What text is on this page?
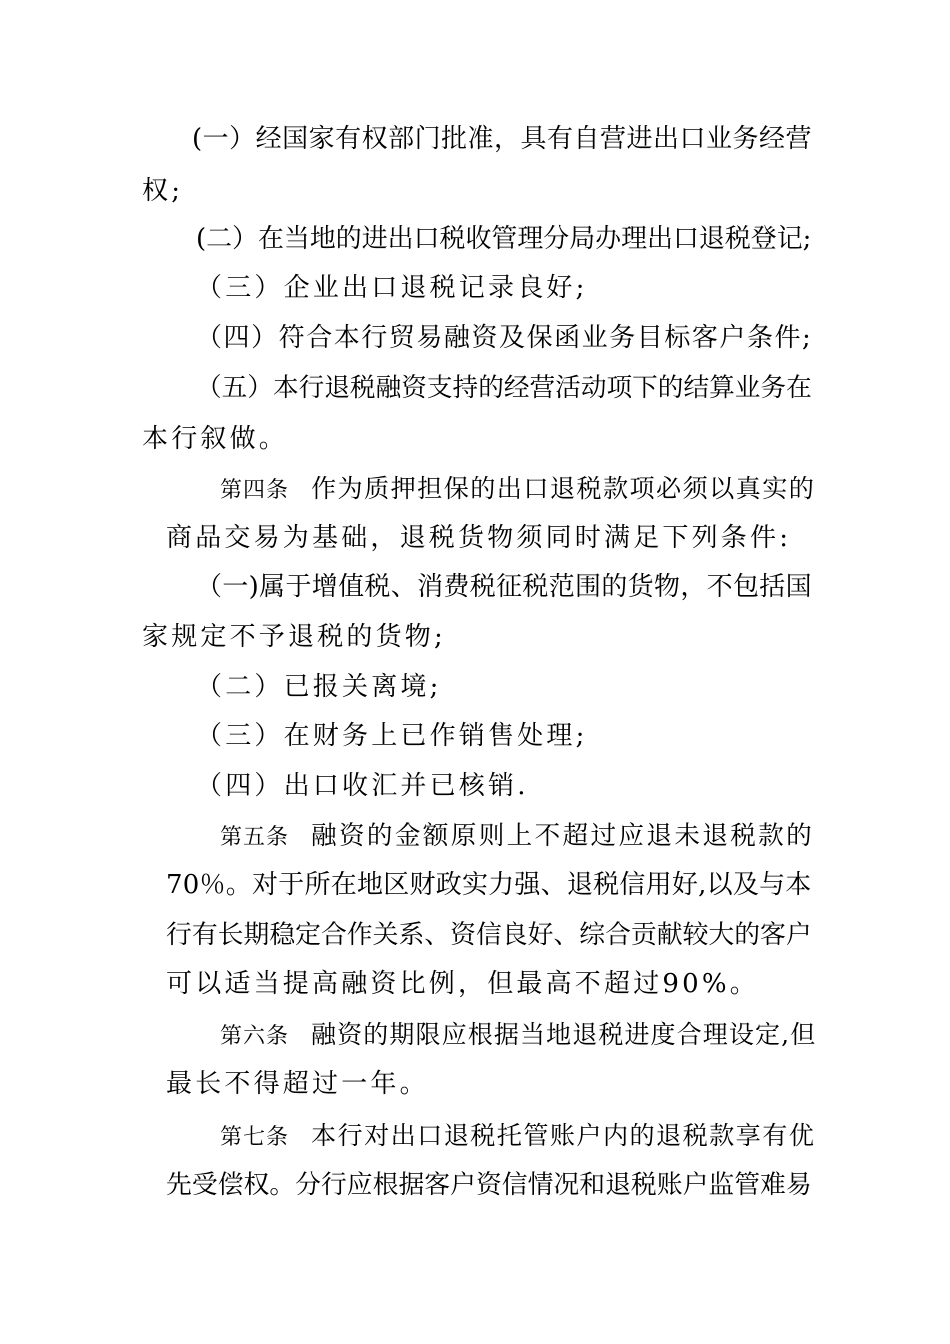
(一）经国家有权部门批准，具有自营进出口业务经营
权;
(二）在当地的进出口税收管理分局办理出口退税登记;
（三）企业出口退税记录良好;
（四）符合本行贸易融资及保函业务目标客户条件;
（五）本行退税融资支持的经营活动项下的结算业务在
本行叙做。
第四条 作为质押担保的出口退税款项必须以真实的
商品交易为基础，退税货物须同时满足下列条件:
（一)属于增值税、消费税征税范围的货物，不包括国
家规定不予退税的货物;
（二）已报关离境;
（三）在财务上已作销售处理;
（四）出口收汇并已核销.
第五条 融资的金额原则上不超过应退未退税款的
70％。对于所在地区财政实力强、退税信用好,以及与本
行有长期稳定合作关系、资信良好、综合贡献较大的客户
可以适当提高融资比例，但最高不超过90%。
第六条 融资的期限应根据当地退税进度合理设定,但
最长不得超过一年。
第七条 本行对出口退税托管账户内的退税款享有优
先受偿权。分行应根据客户资信情况和退税账户监管难易
